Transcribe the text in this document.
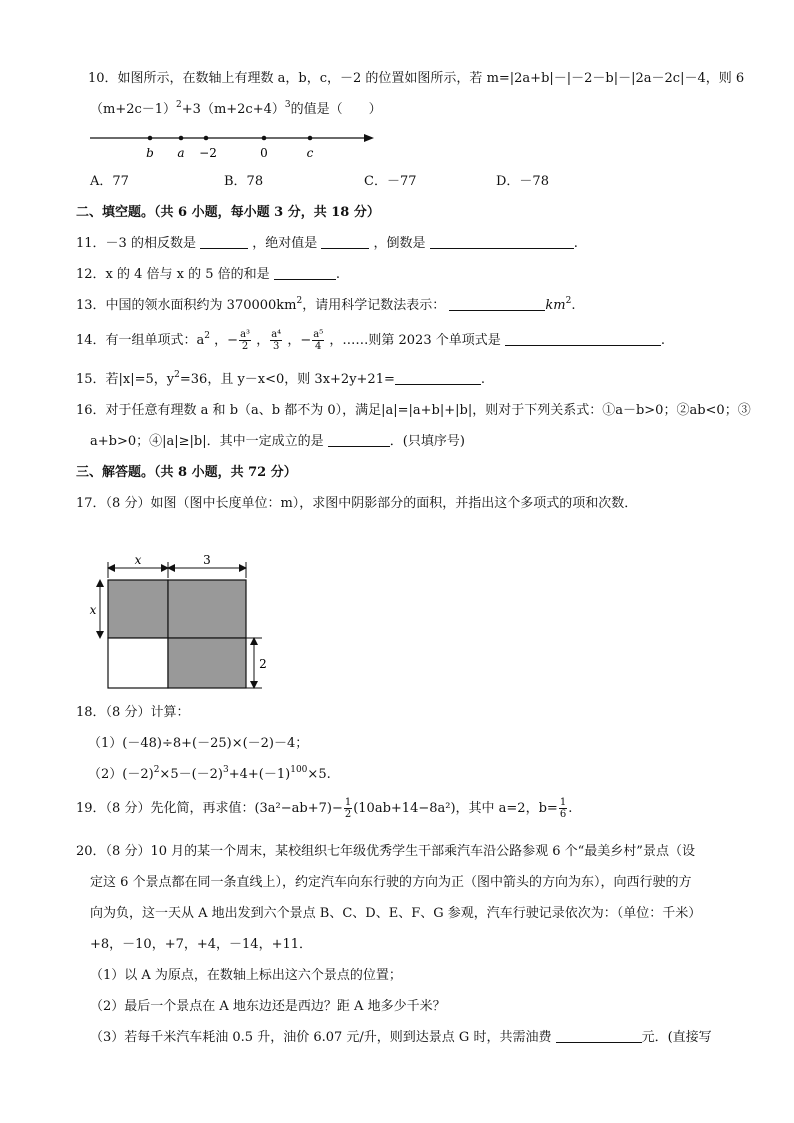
10．如图所示，在数轴上有理数 a，b，c，－2 的位置如图所示，若 m=|2a+b|－|－2－b|－|2a－2c|－4，则 6
$(m+2c-1)^2+3(m+2c+4)^3$的值是（　　）
b a −2	0	c
A．77	B．78	C．－77	D．－78
二、填空题。（共 6 小题，每小题 3 分，共 18 分）
11．－3 的相反数是	，绝对值是	，倒数是	.
12．x 的 4 倍与 x 的 5 倍的和是	.
13．中国的领水面积约为 $370000km^2$，请用科学记数法表示：	$km^2$.
14．有一组单项式：$a^2$ ，− $\frac{\text{a³}}{2}$ ， $\frac{\text{a⁴}}{3}$ ，− $\frac{\text{a⁵}}{4}$ ，……则第 2023 个单项式是	.
15．若|x|=5，$y^2=36$，且 y－x<0，则 3x+2y+21=	.
16．对于任意有理数 a 和 b（a、b 都不为 0），满足|a|=|a+b|+|b|，则对于下列关系式：①a－b>0；②ab<0；③
a+b>0；④|a|≥|b|．其中一定成立的是	．(只填序号)
三、解答题。（共 8 小题，共 72 分）
17．（8 分）如图（图中长度单位：m），求图中阴影部分的面积，并指出这个多项式的项和次数．
x	3
x
2
18．（8 分）计算：
（1）(－48)÷8+(－25)×(－2)－4；
$(2)(-2)^2\times 5-(-2)^3+4+(-1)^{100}\times 5$.
19．（8 分）先化简，再求值：$(3a^2-ab+7)- \frac{1}{2} (10ab+14-8a^2)$，其中 a=2，$b= \frac{1}{6}$ .
20．（8 分）10 月的某一个周末，某校组织七年级优秀学生干部乘汽车沿公路参观 6 个“最美乡村”景点（设
定这 6 个景点都在同一条直线上），约定汽车向东行驶的方向为正（图中箭头的方向为东），向西行驶的方
向为负，这一天从 A 地出发到六个景点 B、C、D、E、F、G 参观，汽车行驶记录依次为：（单位：千米）
+8，－10，+7，+4，－14，+11．
（1）以 A 为原点，在数轴上标出这六个景点的位置；
（2）最后一个景点在 A 地东边还是西边？距 A 地多少千米？
（3）若每千米汽车耗油 0.5 升，油价 6.07 元/升，则到达景点 G 时，共需油费	元．(直接写
